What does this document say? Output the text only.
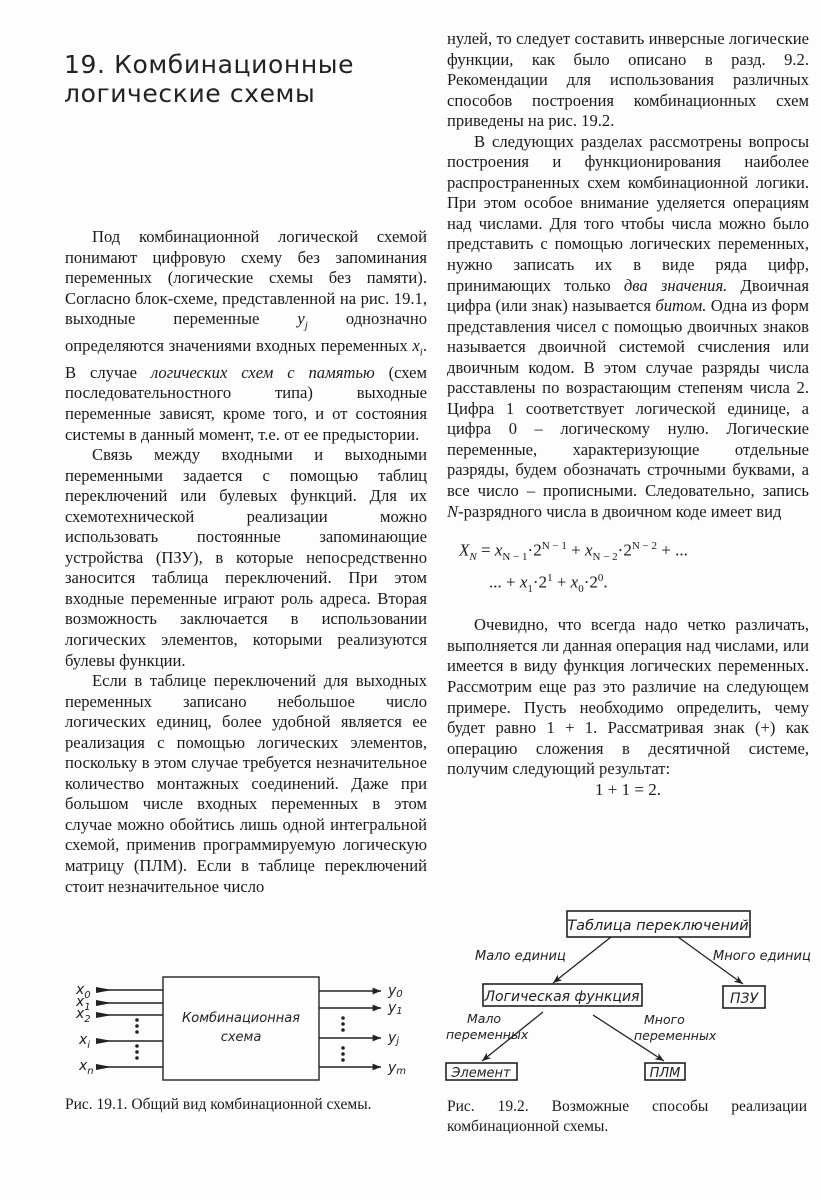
19. Комбинационные
логические схемы

Под комбинационной логической схемой понимают цифровую схему без запоминания переменных (логические схемы без памяти). Согласно блок-схеме, представленной на рис. 19.1, выходные переменные $y_j$ однозначно определяются значениями входных переменных $x_i$. В случае логических схем с памятью (схем последовательностного типа) выходные переменные зависят, кроме того, и от состояния системы в данный момент, т.е. от ее предыстории.

Связь между входными и выходными переменными задается с помощью таблиц переключений или булевых функций. Для их схемотехнической реализации можно использовать постоянные запоминающие устройства (ПЗУ), в которые непосредственно заносится таблица переключений. При этом входные переменные играют роль адреса. Вторая возможность заключается в использовании логических элементов, которыми реализуются булевы функции.

Если в таблице переключений для выходных переменных записано небольшое число логических единиц, более удобной является ее реализация с помощью логических элементов, поскольку в этом случае требуется незначительное количество монтажных соединений. Даже при большом числе входных переменных в этом случае можно обойтись лишь одной интегральной схемой, применив программируемую логическую матрицу (ПЛМ). Если в таблице переключений стоит незначительное число

нулей, то следует составить инверсные логические функции, как было описано в разд. 9.2. Рекомендации для использования различных способов построения комбинационных схем приведены на рис. 19.2.

В следующих разделах рассмотрены вопросы построения и функционирования наиболее распространенных схем комбинационной логики. При этом особое внимание уделяется операциям над числами. Для того чтобы числа можно было представить с помощью логических переменных, нужно записать их в виде ряда цифр, принимающих только два значения. Двоичная цифра (или знак) называется битом. Одна из форм представления чисел с помощью двоичных знаков называется двоичной системой счисления или двоичным кодом. В этом случае разряды числа расставлены по возрастающим степеням числа 2. Цифра 1 соответствует логической единице, а цифра 0 – логическому нулю. Логические переменные, характеризующие отдельные разряды, будем обозначать строчными буквами, а все число – прописными. Следовательно, запись N-разрядного числа в двоичном коде имеет вид

$X_N = x_{N - 1}\cdot 2^{N - 1} + x_{N - 2}\cdot 2^{N - 2}$ + ...
... + $x_1\cdot 2^1 + x_0\cdot 2^0$.

Очевидно, что всегда надо четко различать, выполняется ли данная операция над числами, или имеется в виду функция логических переменных. Рассмотрим еще раз это различие на следующем примере. Пусть необходимо определить, чему будет равно 1 + 1. Рассматривая знак (+) как операцию сложения в десятичной системе, получим следующий результат:

1 + 1 = 2.

Комбинационная
схема
$x_0$
$x_1$
$x_2$
$x_i$
$x_n$
y0
y1
yj
ym
Рис. 19.1. Общий вид комбинационной схемы.
Таблица переключений
Мало единиц	Много единиц
Логическая функция	ПЗУ
Мало
переменных
Много
переменных
Элемент	ПЛМ
Рис. 19.2. Возможные способы реализации комбинационной схемы.
